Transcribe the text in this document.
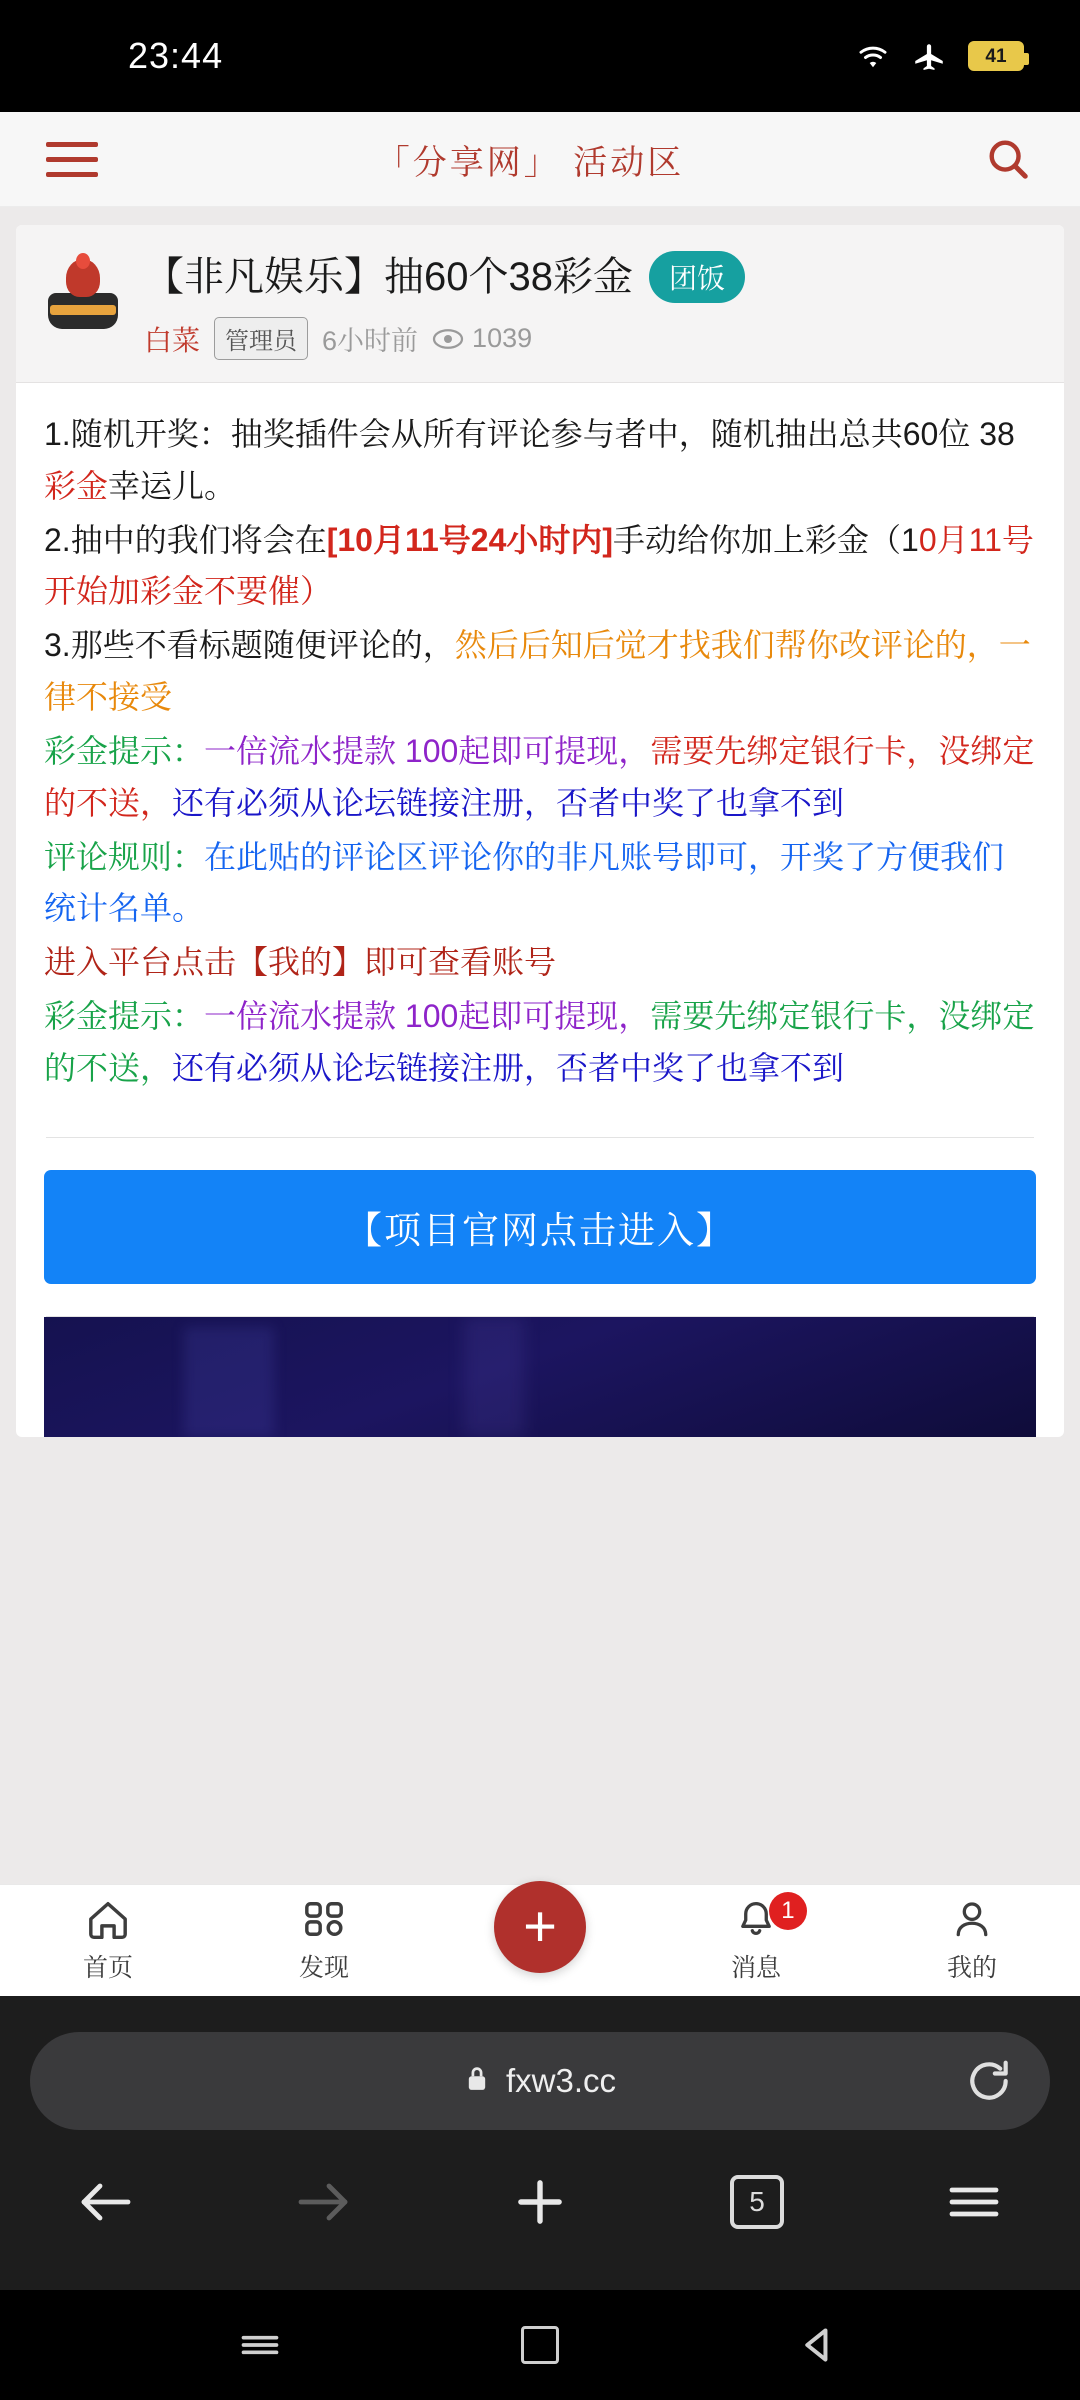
23:44	41
「分享网」 活动区
【非凡娱乐】抽60个38彩金	团饭
白菜	管理员 6小时前 1039

1.随机开奖：抽奖插件会从所有评论参与者中，随机抽出总共60位 38彩金幸运儿。

2.抽中的我们将会在[10月11号24小时内]手动给你加上彩金（10月11号开始加彩金不要催）

3.那些不看标题随便评论的，然后后知后觉才找我们帮你改评论的，一律不接受

彩金提示：一倍流水提款 100起即可提现，需要先绑定银行卡，没绑定的不送，还有必须从论坛链接注册，否者中奖了也拿不到

评论规则：在此贴的评论区评论你的非凡账号即可，开奖了方便我们统计名单。

进入平台点击【我的】即可查看账号

彩金提示：一倍流水提款 100起即可提现，需要先绑定银行卡，没绑定的不送，还有必须从论坛链接注册，否者中奖了也拿不到

【项目官网点击进入】
首页	发现
+	1
消息	我的
fxw3.cc
5
